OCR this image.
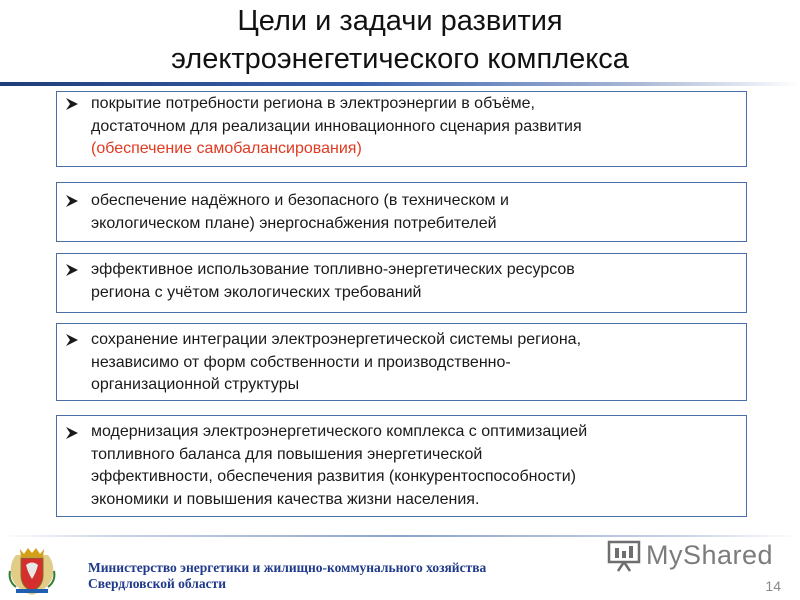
Цели и задачи развития
электроэнегетического комплекса
покрытие потребности региона в электроэнергии в объёме,
достаточном для реализации инновационного сценария развития
(обеспечение самобалансирования)
обеспечение надёжного и безопасного (в техническом и
экологическом плане) энергоснабжения потребителей
эффективное использование топливно-энергетических ресурсов
региона с учётом экологических требований
сохранение интеграции электроэнергетической системы региона,
независимо от форм собственности и производственно-
организационной структуры
модернизация электроэнергетического комплекса с оптимизацией
топливного баланса для повышения энергетической
эффективности, обеспечения развития (конкурентоспособности)
экономики и повышения качества жизни населения.
Министерство энергетики и жилищно-коммунального хозяйства
Свердловской области
MyShared
14
